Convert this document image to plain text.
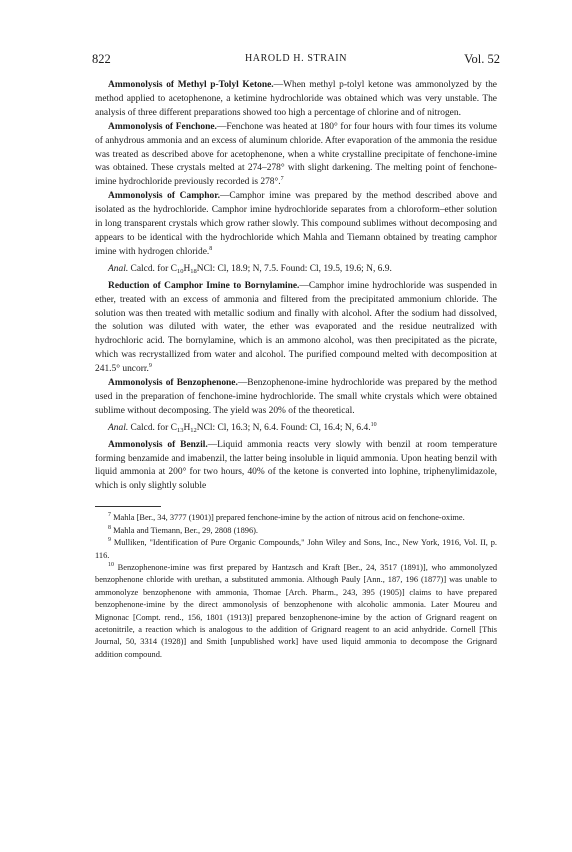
822	HAROLD H. STRAIN	Vol. 52

Ammonolysis of Methyl p-Tolyl Ketone.—When methyl p-tolyl ketone was ammonolyzed by the method applied to acetophenone, a ketimine hydrochloride was obtained which was very unstable. The analysis of three different preparations showed too high a percentage of chlorine and of nitrogen.

Ammonolysis of Fenchone.—Fenchone was heated at 180° for four hours with four times its volume of anhydrous ammonia and an excess of aluminum chloride. After evaporation of the ammonia the residue was treated as described above for acetophenone, when a white crystalline precipitate of fenchone-imine was obtained. These crystals melted at 274–278° with slight darkening. The melting point of fenchone-imine hydrochloride previously recorded is 278°.$^7$

Ammonolysis of Camphor.—Camphor imine was prepared by the method described above and isolated as the hydrochloride. Camphor imine hydrochloride separates from a chloroform–ether solution in long transparent crystals which grow rather slowly. This compound sublimes without decomposing and appears to be identical with the hydrochloride which Mahla and Tiemann obtained by treating camphor imine with hydrogen chloride.$^8$

Anal. Calcd. for $C_{10}H_{18}NCl$: Cl, 18.9; N, 7.5. Found: Cl, 19.5, 19.6; N, 6.9.

Reduction of Camphor Imine to Bornylamine.—Camphor imine hydrochloride was suspended in ether, treated with an excess of ammonia and filtered from the precipitated ammonium chloride. The solution was then treated with metallic sodium and finally with alcohol. After the sodium had dissolved, the solution was diluted with water, the ether was evaporated and the residue neutralized with hydrochloric acid. The bornylamine, which is an ammono alcohol, was then precipitated as the picrate, which was recrystallized from water and alcohol. The purified compound melted with decomposition at 241.5° uncorr.$^9$

Ammonolysis of Benzophenone.—Benzophenone-imine hydrochloride was prepared by the method used in the preparation of fenchone-imine hydrochloride. The small white crystals which were obtained sublime without decomposing. The yield was 20% of the theoretical.

Anal. Calcd. for $C_{13}H_{12}NCl$: Cl, 16.3; N, 6.4. Found: Cl, 16.4; N, 6.4.10

Ammonolysis of Benzil.—Liquid ammonia reacts very slowly with benzil at room temperature forming benzamide and imabenzil, the latter being insoluble in liquid ammonia. Upon heating benzil with liquid ammonia at 200° for two hours, 40% of the ketone is converted into lophine, triphenylimidazole, which is only slightly soluble

$^7$ Mahla [Ber., 34, 3777 (1901)] prepared fenchone-imine by the action of nitrous acid on fenchone-oxime.

$^8$ Mahla and Tiemann, Ber., 29, 2808 (1896).

$^9$ Mulliken, "Identification of Pure Organic Compounds," John Wiley and Sons, Inc., New York, 1916, Vol. II, p. 116.

$^{10}$ Benzophenone-imine was first prepared by Hantzsch and Kraft [Ber., 24, 3517 (1891)], who ammonolyzed benzophenone chloride with urethan, a substituted ammonia. Although Pauly [Ann., 187, 196 (1877)] was unable to ammonolyze benzophenone with ammonia, Thomae [Arch. Pharm., 243, 395 (1905)] claims to have prepared benzophenone-imine by the direct ammonolysis of benzophenone with alcoholic ammonia. Later Moureu and Mignonac [Compt. rend., 156, 1801 (1913)] prepared benzophenone-imine by the action of Grignard reagent on acetonitrile, a reaction which is analogous to the addition of Grignard reagent to an acid anhydride. Cornell [This Journal, 50, 3314 (1928)] and Smith [unpublished work] have used liquid ammonia to decompose the Grignard addition compound.
